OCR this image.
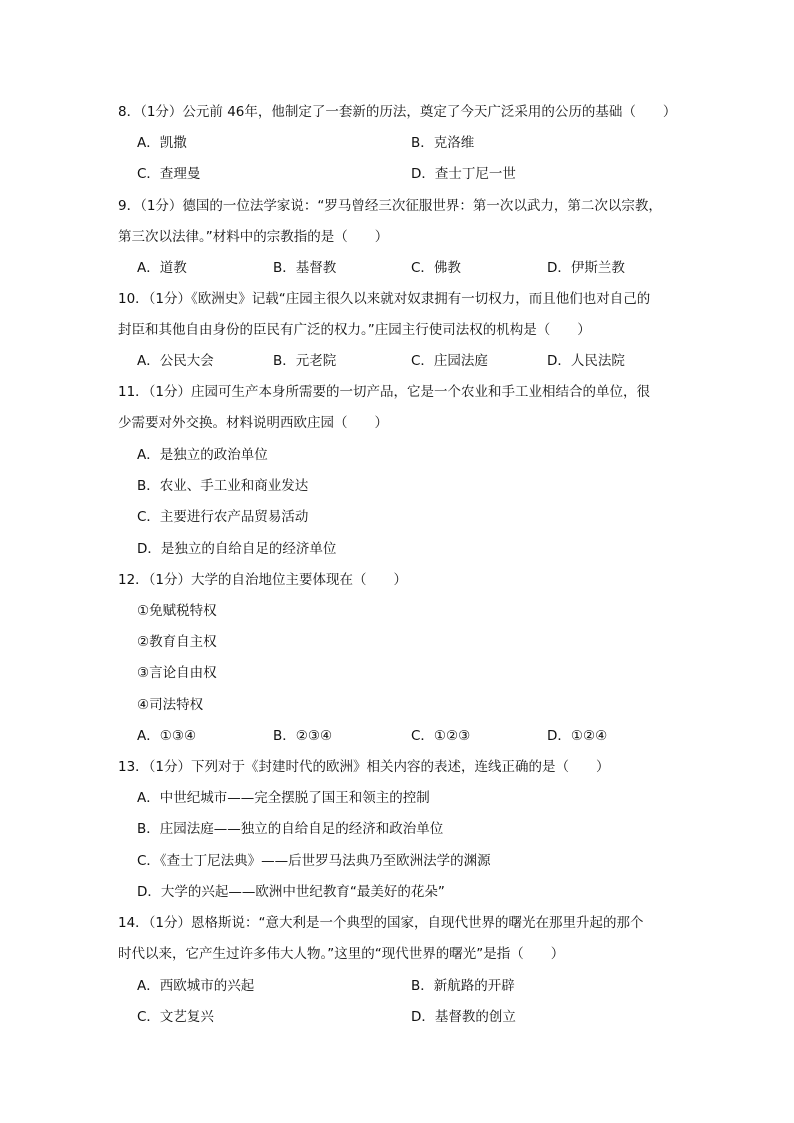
8．（1分）公元前 46年，他制定了一套新的历法，奠定了今天广泛采用的公历的基础（　　）
A．凯撒	B．克洛维
C．查理曼	D．查士丁尼一世
9．（1分）德国的一位法学家说：“罗马曾经三次征服世界：第一次以武力，第二次以宗教，
第三次以法律。”材料中的宗教指的是（　　）
A．道教	B．基督教	C．佛教	D．伊斯兰教
10．（1分）《欧洲史》记载“庄园主很久以来就对奴隶拥有一切权力，而且他们也对自己的
封臣和其他自由身份的臣民有广泛的权力。”庄园主行使司法权的机构是（　　）
A．公民大会	B．元老院	C．庄园法庭	D．人民法院
11．（1分）庄园可生产本身所需要的一切产品，它是一个农业和手工业相结合的单位，很
少需要对外交换。材料说明西欧庄园（　　）
A．是独立的政治单位
B．农业、手工业和商业发达
C．主要进行农产品贸易活动
D．是独立的自给自足的经济单位
12．（1分）大学的自治地位主要体现在（　　）
①免赋税特权
②教育自主权
③言论自由权
④司法特权
A．①③④	B．②③④	C．①②③	D．①②④
13．（1分）下列对于《封建时代的欧洲》相关内容的表述，连线正确的是（　　）
A．中世纪城市——完全摆脱了国王和领主的控制
B．庄园法庭——独立的自给自足的经济和政治单位
C．《查士丁尼法典》——后世罗马法典乃至欧洲法学的渊源
D．大学的兴起——欧洲中世纪教育“最美好的花朵”
14．（1分）恩格斯说：“意大利是一个典型的国家，自现代世界的曙光在那里升起的那个
时代以来，它产生过许多伟大人物。”这里的“现代世界的曙光”是指（　　）
A．西欧城市的兴起	B．新航路的开辟
C．文艺复兴	D．基督教的创立
